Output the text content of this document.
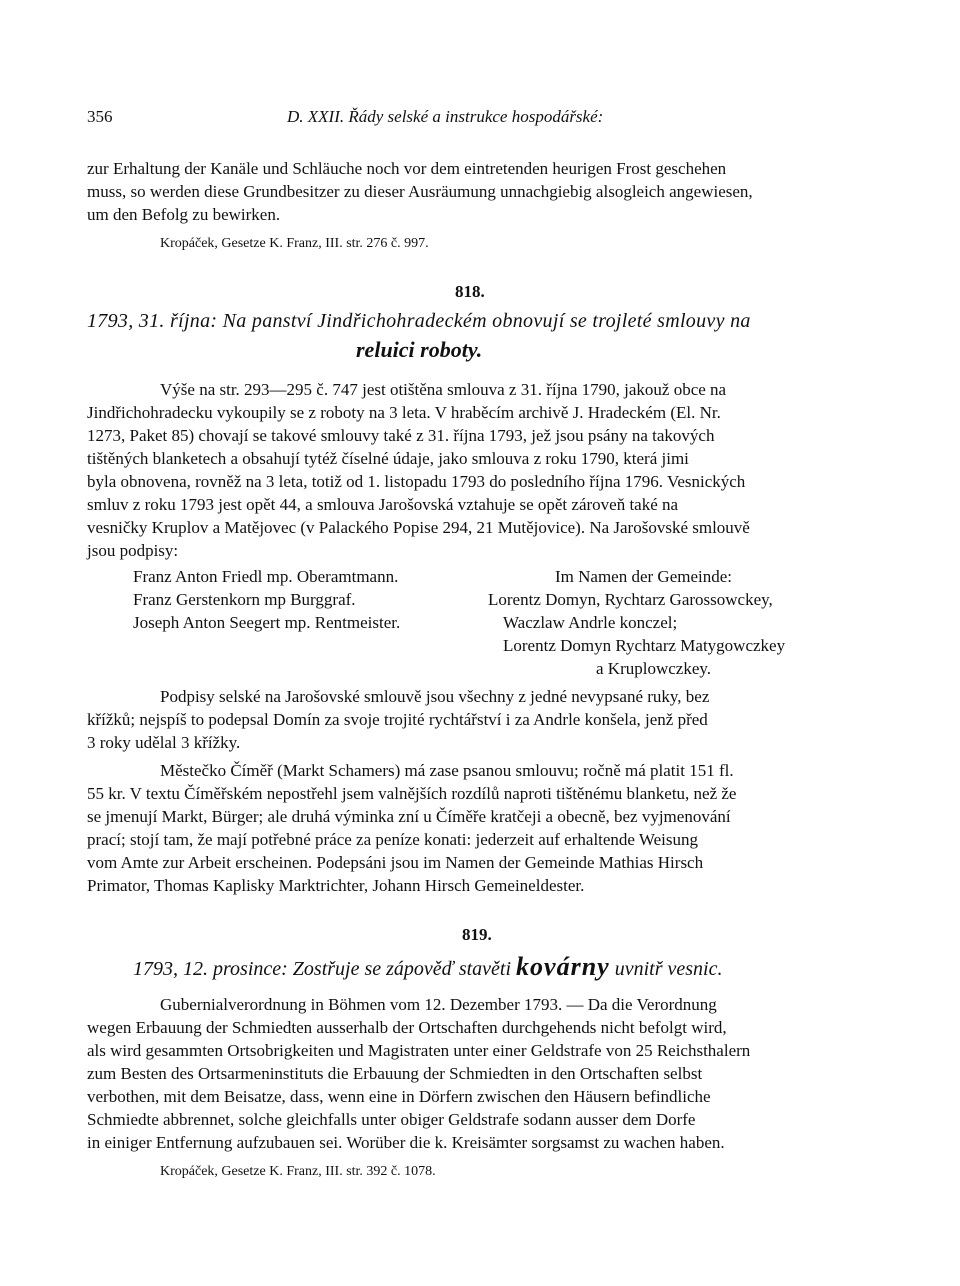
356	D. XXII. Řády selské a instrukce hospodářské:
zur Erhaltung der Kanäle und Schläuche noch vor dem eintretenden heurigen Frost geschehen
muss, so werden diese Grundbesitzer zu dieser Ausräumung unnachgiebig alsogleich angewiesen,
um den Befolg zu bewirken.
Kropáček, Gesetze K. Franz, III. str. 276 č. 997.
818.
1793, 31. října: Na panství Jindřichohradeckém obnovují se trojleté smlouvy na
reluici roboty.
Výše na str. 293—295 č. 747 jest otištěna smlouva z 31. října 1790, jakouž obce na
Jindřichohradecku vykoupily se z roboty na 3 leta. V hraběcím archivě J. Hradeckém (El. Nr.
1273, Paket 85) chovají se takové smlouvy také z 31. října 1793, jež jsou psány na takových
tištěných blanketech a obsahují tytéž číselné údaje, jako smlouva z roku 1790, která jimi
byla obnovena, rovněž na 3 leta, totiž od 1. listopadu 1793 do posledního října 1796. Vesnických
smluv z roku 1793 jest opět 44, a smlouva Jarošovská vztahuje se opět zároveň také na
vesničky Kruplov a Matějovec (v Palackého Popise 294, 21 Mutějovice). Na Jarošovské smlouvě
jsou podpisy:
Franz Anton Friedl mp. Oberamtmann.
Franz Gerstenkorn mp Burggraf.
Joseph Anton Seegert mp. Rentmeister.
Im Namen der Gemeinde:
Lorentz Domyn, Rychtarz Garossowckey,
Waczlaw Andrle konczel;
Lorentz Domyn Rychtarz Matygowczkey
a Kruplowczkey.
Podpisy selské na Jarošovské smlouvě jsou všechny z jedné nevypsané ruky, bez
křížků; nejspíš to podepsal Domín za svoje trojité rychtářství i za Andrle konšela, jenž před
3 roky udělal 3 křížky.
Městečko Číměř (Markt Schamers) má zase psanou smlouvu; ročně má platit 151 fl.
55 kr. V textu Číměřském nepostřehl jsem valnějších rozdílů naproti tištěnému blanketu, než že
se jmenují Markt, Bürger; ale druhá výminka zní u Číměře kratčeji a obecně, bez vyjmenování
prací; stojí tam, že mají potřebné práce za peníze konati: jederzeit auf erhaltende Weisung
vom Amte zur Arbeit erscheinen. Podepsáni jsou im Namen der Gemeinde Mathias Hirsch
Primator, Thomas Kaplisky Marktrichter, Johann Hirsch Gemeineldester.
819.
1793, 12. prosince: Zostřuje se zápověď stavěti kovárny uvnitř vesnic.
Gubernialverordnung in Böhmen vom 12. Dezember 1793. — Da die Verordnung
wegen Erbauung der Schmiedten ausserhalb der Ortschaften durchgehends nicht befolgt wird,
als wird gesammten Ortsobrigkeiten und Magistraten unter einer Geldstrafe von 25 Reichsthalern
zum Besten des Ortsarmeninstituts die Erbauung der Schmiedten in den Ortschaften selbst
verbothen, mit dem Beisatze, dass, wenn eine in Dörfern zwischen den Häusern befindliche
Schmiedte abbrennet, solche gleichfalls unter obiger Geldstrafe sodann ausser dem Dorfe
in einiger Entfernung aufzubauen sei. Worüber die k. Kreisämter sorgsamst zu wachen haben.
Kropáček, Gesetze K. Franz, III. str. 392 č. 1078.
